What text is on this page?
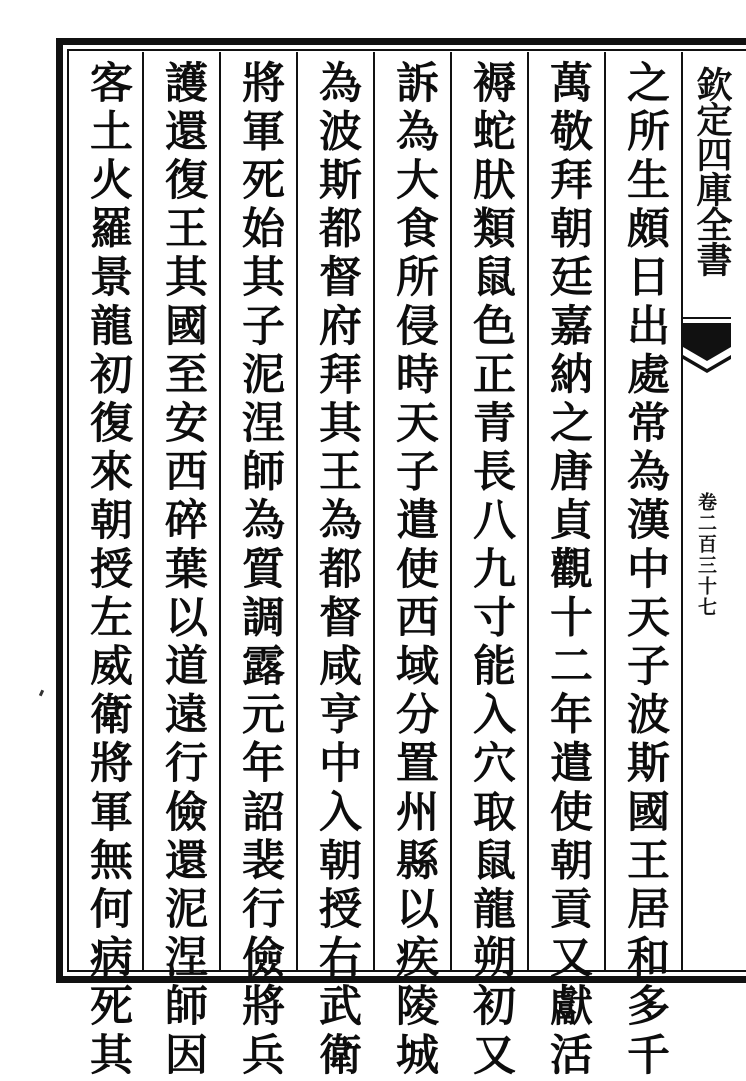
之所生頗日出處常為漢中天子波斯國王居和多千
萬敬拜朝廷嘉納之唐貞觀十二年遣使朝貢又獻活
褥蛇肰類鼠色正青長八九寸能入穴取鼠龍朔初又
訴為大食所侵時天子遣使西域分置州縣以疾陵城
為波斯都督府拜其王為都督咸亨中入朝授右武衛
將軍死始其子泥涅師為質調露元年詔裴行儉將兵
護還復王其國至安西碎葉以道遠行儉還泥涅師因
客土火羅景龍初復來朝授左威衛將軍無何病死其	欽定四庫全書
卷二百三十七
